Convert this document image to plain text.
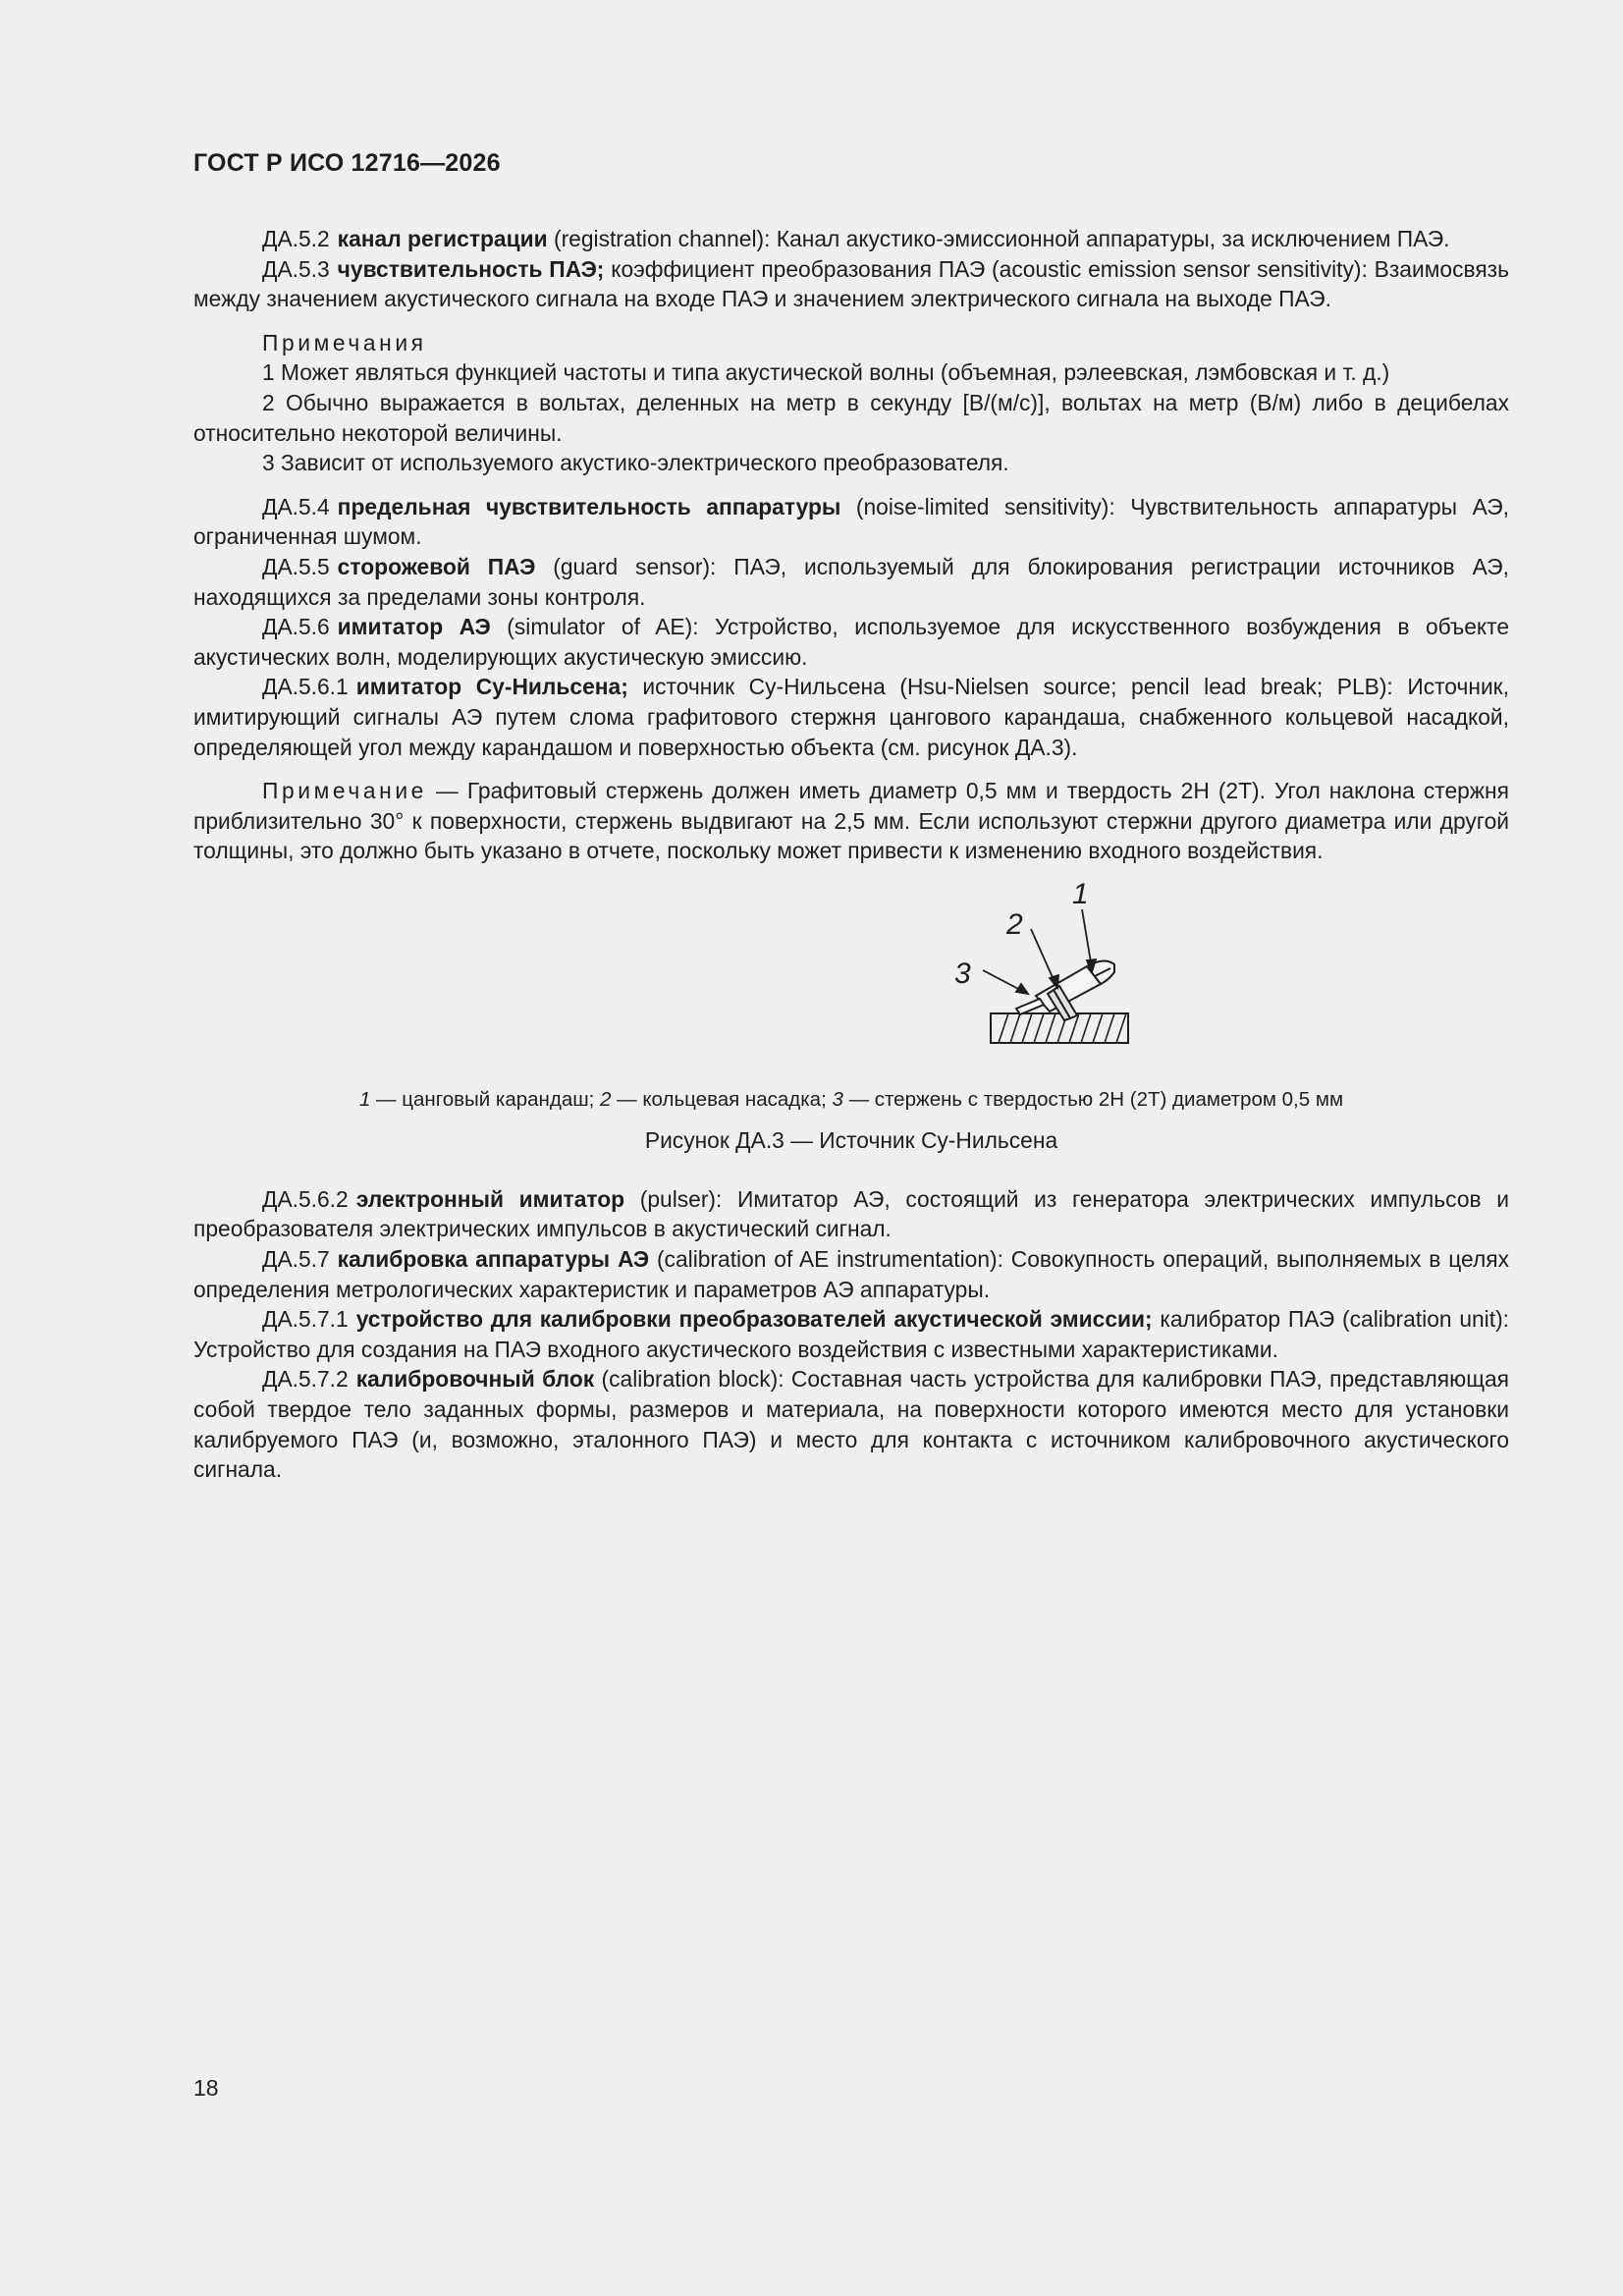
ГОСТ Р ИСО 12716—2026

ДА.5.2 канал регистрации (registration channel): Канал акустико-эмиссионной аппаратуры, за исключением ПАЭ.

ДА.5.3 чувствительность ПАЭ; коэффициент преобразования ПАЭ (acoustic emission sensor sensitivity): Взаимосвязь между значением акустического сигнала на входе ПАЭ и значением электрического сигнала на выходе ПАЭ.

Примечания

1 Может являться функцией частоты и типа акустической волны (объемная, рэлеевская, лэмбовская и т. д.)

2 Обычно выражается в вольтах, деленных на метр в секунду [В/(м/с)], вольтах на метр (В/м) либо в децибелах относительно некоторой величины.

3 Зависит от используемого акустико-электрического преобразователя.

ДА.5.4 предельная чувствительность аппаратуры (noise-limited sensitivity): Чувствительность аппаратуры АЭ, ограниченная шумом.

ДА.5.5 сторожевой ПАЭ (guard sensor): ПАЭ, используемый для блокирования регистрации источников АЭ, находящихся за пределами зоны контроля.

ДА.5.6 имитатор АЭ (simulator of AE): Устройство, используемое для искусственного возбуждения в объекте акустических волн, моделирующих акустическую эмиссию.

ДА.5.6.1 имитатор Су-Нильсена; источник Су-Нильсена (Hsu-Nielsen source; pencil lead break; PLB): Источник, имитирующий сигналы АЭ путем слома графитового стержня цангового карандаша, снабженного кольцевой насадкой, определяющей угол между карандашом и поверхностью объекта (см. рисунок ДА.3).

Примечание — Графитовый стержень должен иметь диаметр 0,5 мм и твердость 2Н (2Т). Угол наклона стержня приблизительно 30° к поверхности, стержень выдвигают на 2,5 мм. Если используют стержни другого диаметра или другой толщины, это должно быть указано в отчете, поскольку может привести к изменению входного воздействия.

1
2
3

1 — цанговый карандаш; 2 — кольцевая насадка; 3 — стержень с твердостью 2Н (2Т) диаметром 0,5 мм

Рисунок ДА.3 — Источник Су-Нильсена

ДА.5.6.2 электронный имитатор (pulser): Имитатор АЭ, состоящий из генератора электрических импульсов и преобразователя электрических импульсов в акустический сигнал.

ДА.5.7 калибровка аппаратуры АЭ (calibration of AE instrumentation): Совокупность операций, выполняемых в целях определения метрологических характеристик и параметров АЭ аппаратуры.

ДА.5.7.1 устройство для калибровки преобразователей акустической эмиссии; калибратор ПАЭ (calibration unit): Устройство для создания на ПАЭ входного акустического воздействия с известными характеристиками.

ДА.5.7.2 калибровочный блок (calibration block): Составная часть устройства для калибровки ПАЭ, представляющая собой твердое тело заданных формы, размеров и материала, на поверхности которого имеются место для установки калибруемого ПАЭ (и, возможно, эталонного ПАЭ) и место для контакта с источником калибровочного акустического сигнала.

18
